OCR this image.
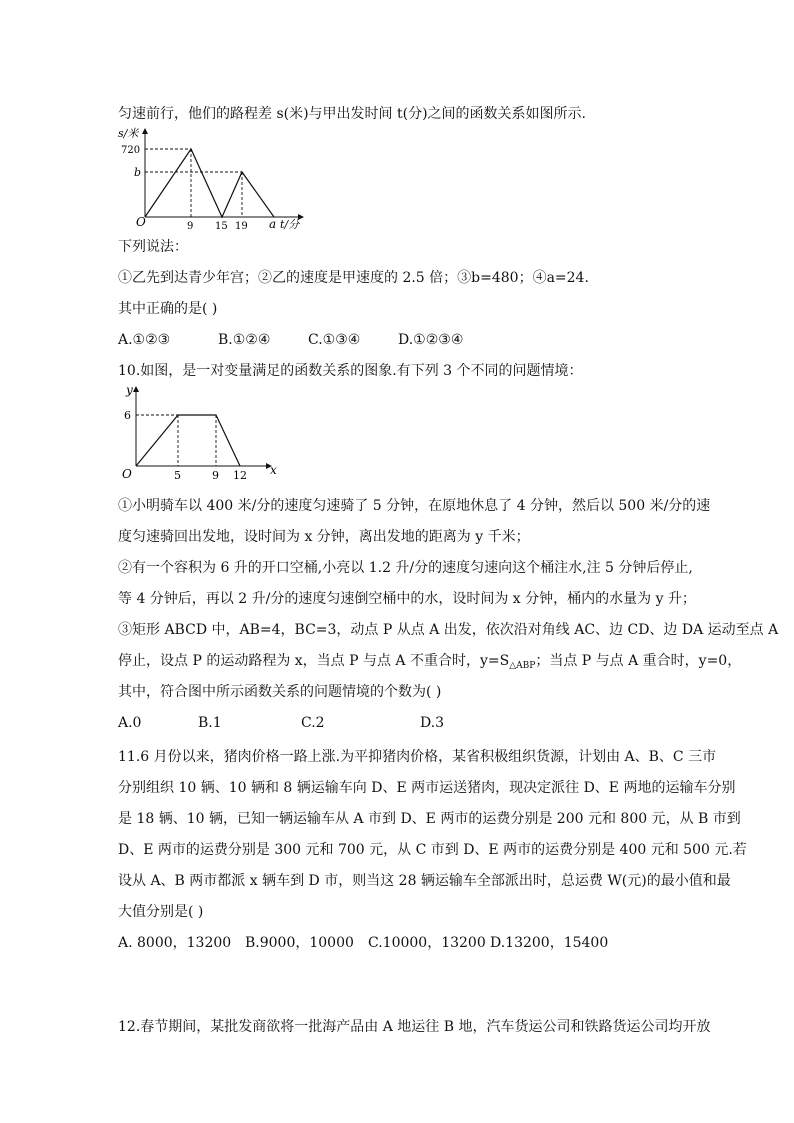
匀速前行，他们的路程差 s(米)与甲出发时间 t(分)之间的函数关系如图所示.
s/米
720
b
O	9 15 19 a t/分
下列说法：
①乙先到达青少年宫；②乙的速度是甲速度的 2.5 倍；③b=480；④a=24.
其中正确的是( )
A.①②③	B.①②④	C.①③④	D.①②③④
10.如图，是一对变量满足的函数关系的图象.有下列 3 个不同的问题情境：
y
6
O	5	9 12 x
①小明骑车以 400 米/分的速度匀速骑了 5 分钟，在原地休息了 4 分钟，然后以 500 米/分的速
度匀速骑回出发地，设时间为 x 分钟，离出发地的距离为 y 千米；
②有一个容积为 6 升的开口空桶,小亮以 1.2 升/分的速度匀速向这个桶注水,注 5 分钟后停止,
等 4 分钟后，再以 2 升/分的速度匀速倒空桶中的水，设时间为 x 分钟，桶内的水量为 y 升；
③矩形 ABCD 中，AB=4，BC=3，动点 P 从点 A 出发，依次沿对角线 AC、边 CD、边 DA 运动至点 A
停止，设点 P 的运动路程为 x，当点 P 与点 A 不重合时，$y=S_{\triangle ABP}$；当点 P 与点 A 重合时，y=0，
其中，符合图中所示函数关系的问题情境的个数为( )
A.0	B.1	C.2	D.3
11.6 月份以来，猪肉价格一路上涨.为平抑猪肉价格，某省积极组织货源，计划由 A、B、C 三市
分别组织 10 辆、10 辆和 8 辆运输车向 D、E 两市运送猪肉，现决定派往 D、E 两地的运输车分别
是 18 辆、10 辆，已知一辆运输车从 A 市到 D、E 两市的运费分别是 200 元和 800 元，从 B 市到
D、E 两市的运费分别是 300 元和 700 元，从 C 市到 D、E 两市的运费分别是 400 元和 500 元.若
设从 A、B 两市都派 x 辆车到 D 市，则当这 28 辆运输车全部派出时，总运费 W(元)的最小值和最
大值分别是( )
A. 8000，13200 B.9000，10000 C.10000，13200 D.13200，15400
12.春节期间，某批发商欲将一批海产品由 A 地运往 B 地，汽车货运公司和铁路货运公司均开放
